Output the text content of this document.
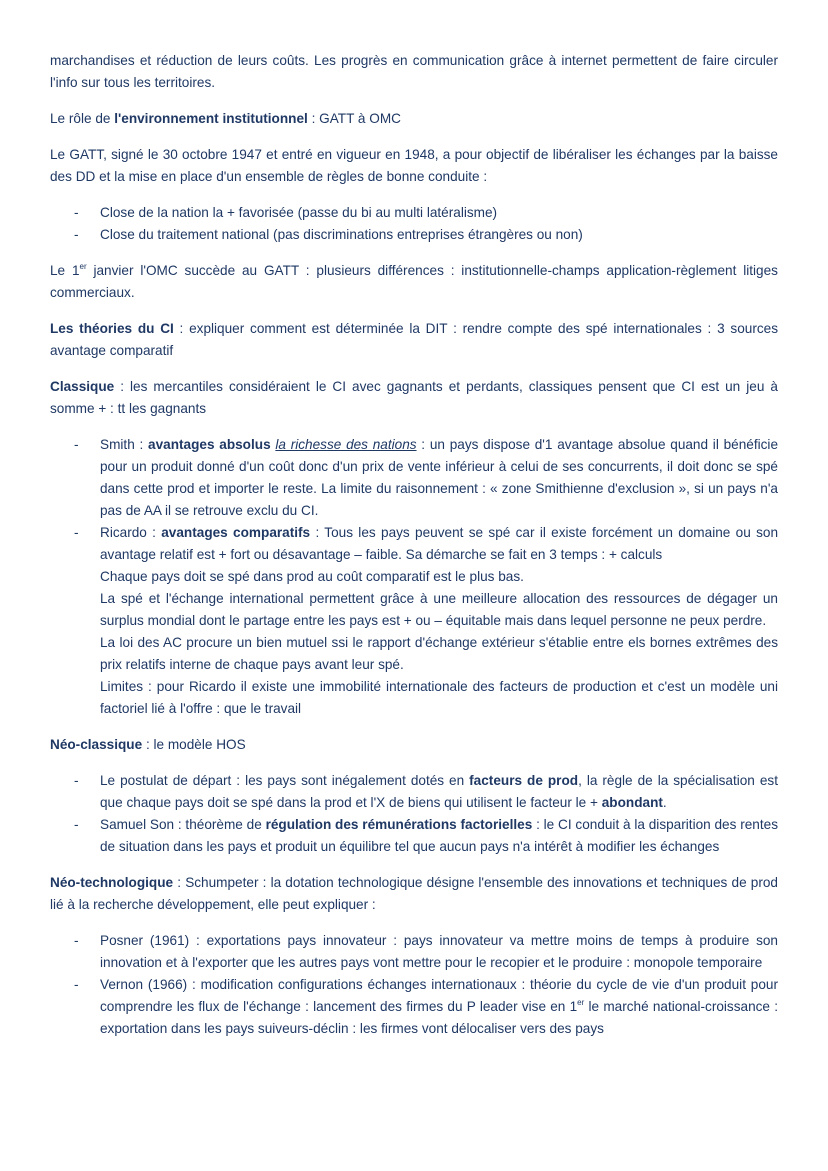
marchandises et réduction de leurs coûts. Les progrès en communication grâce à internet permettent de faire circuler l'info sur tous les territoires.

Le rôle de l'environnement institutionnel : GATT à OMC

Le GATT, signé le 30 octobre 1947 et entré en vigueur en 1948, a pour objectif de libéraliser les échanges par la baisse des DD et la mise en place d'un ensemble de règles de bonne conduite :

- Close de la nation la + favorisée (passe du bi au multi latéralisme)
- Close du traitement national (pas discriminations entreprises étrangères ou non)

Le 1er janvier l'OMC succède au GATT : plusieurs différences : institutionnelle-champs application-règlement litiges commerciaux.

Les théories du CI : expliquer comment est déterminée la DIT : rendre compte des spé internationales : 3 sources avantage comparatif

Classique : les mercantiles considéraient le CI avec gagnants et perdants, classiques pensent que CI est un jeu à somme + : tt les gagnants

- Smith : avantages absolus la richesse des nations : un pays dispose d'1 avantage absolue quand il bénéficie pour un produit donné d'un coût donc d'un prix de vente inférieur à celui de ses concurrents, il doit donc se spé dans cette prod et importer le reste. La limite du raisonnement : « zone Smithienne d'exclusion », si un pays n'a pas de AA il se retrouve exclu du CI.
- Ricardo : avantages comparatifs : Tous les pays peuvent se spé car il existe forcément un domaine ou son avantage relatif est + fort ou désavantage – faible. Sa démarche se fait en 3 temps : + calculs
Chaque pays doit se spé dans prod au coût comparatif est le plus bas.
La spé et l'échange international permettent grâce à une meilleure allocation des ressources de dégager un surplus mondial dont le partage entre les pays est + ou – équitable mais dans lequel personne ne peux perdre.
La loi des AC procure un bien mutuel ssi le rapport d'échange extérieur s'établie entre els bornes extrêmes des prix relatifs interne de chaque pays avant leur spé.
Limites : pour Ricardo il existe une immobilité internationale des facteurs de production et c'est un modèle uni factoriel lié à l'offre : que le travail

Néo-classique : le modèle HOS

- Le postulat de départ : les pays sont inégalement dotés en facteurs de prod, la règle de la spécialisation est que chaque pays doit se spé dans la prod et l'X de biens qui utilisent le facteur le + abondant.
- Samuel Son : théorème de régulation des rémunérations factorielles : le CI conduit à la disparition des rentes de situation dans les pays et produit un équilibre tel que aucun pays n'a intérêt à modifier les échanges

Néo-technologique : Schumpeter : la dotation technologique désigne l'ensemble des innovations et techniques de prod lié à la recherche développement, elle peut expliquer :

- Posner (1961) : exportations pays innovateur : pays innovateur va mettre moins de temps à produire son innovation et à l'exporter que les autres pays vont mettre pour le recopier et le produire : monopole temporaire
- Vernon (1966) : modification configurations échanges internationaux : théorie du cycle de vie d'un produit pour comprendre les flux de l'échange : lancement des firmes du P leader vise en 1er le marché national-croissance : exportation dans les pays suiveurs-déclin : les firmes vont délocaliser vers des pays
